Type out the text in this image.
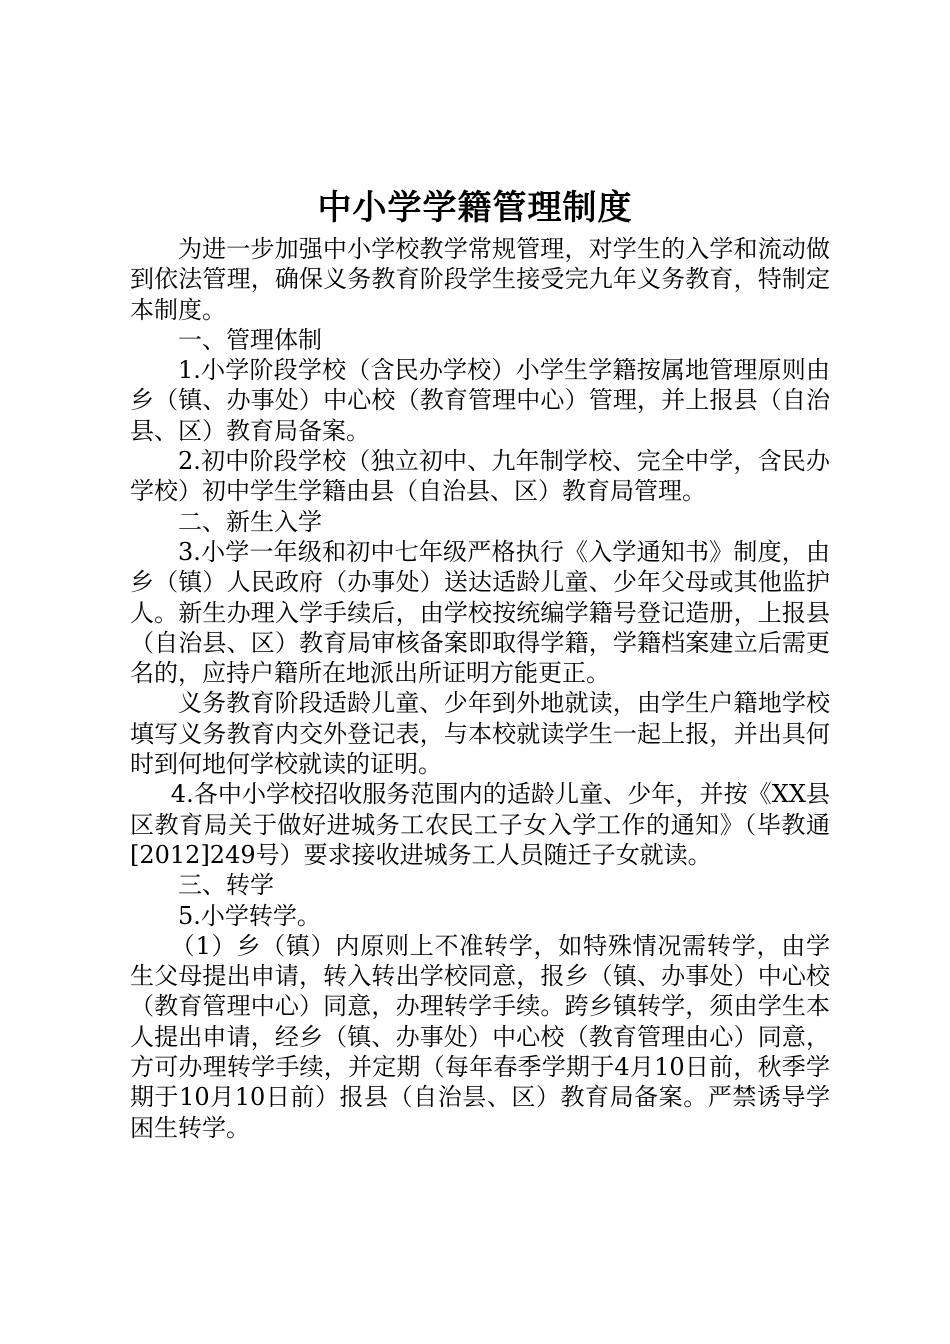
中小学学籍管理制度

为进一步加强中小学校教学常规管理，对学生的入学和流动做到依法管理，确保义务教育阶段学生接受完九年义务教育，特制定本制度。

一、管理体制

1.小学阶段学校（含民办学校）小学生学籍按属地管理原则由乡（镇、办事处）中心校（教育管理中心）管理，并上报县（自治县、区）教育局备案。

2.初中阶段学校（独立初中、九年制学校、完全中学，含民办学校）初中学生学籍由县（自治县、区）教育局管理。

二、新生入学

3.小学一年级和初中七年级严格执行《入学通知书》制度，由乡（镇）人民政府（办事处）送达适龄儿童、少年父母或其他监护人。新生办理入学手续后，由学校按统编学籍号登记造册，上报县（自治县、区）教育局审核备案即取得学籍，学籍档案建立后需更名的，应持户籍所在地派出所证明方能更正。

义务教育阶段适龄儿童、少年到外地就读，由学生户籍地学校填写义务教育内交外登记表，与本校就读学生一起上报，并出具何时到何地何学校就读的证明。

4.各中小学校招收服务范围内的适龄儿童、少年，并按《XX县区教育局关于做好进城务工农民工子女入学工作的通知》（毕教通[2012]249号）要求接收进城务工人员随迁子女就读。

三、转学

5.小学转学。

（1）乡（镇）内原则上不准转学，如特殊情况需转学，由学生父母提出申请，转入转出学校同意，报乡（镇、办事处）中心校（教育管理中心）同意，办理转学手续。跨乡镇转学，须由学生本人提出申请，经乡（镇、办事处）中心校（教育管理由心）同意，方可办理转学手续，并定期（每年春季学期于4月10日前，秋季学期于10月10日前）报县（自治昙、区）教育局备案。严禁诱导学困生转学。
